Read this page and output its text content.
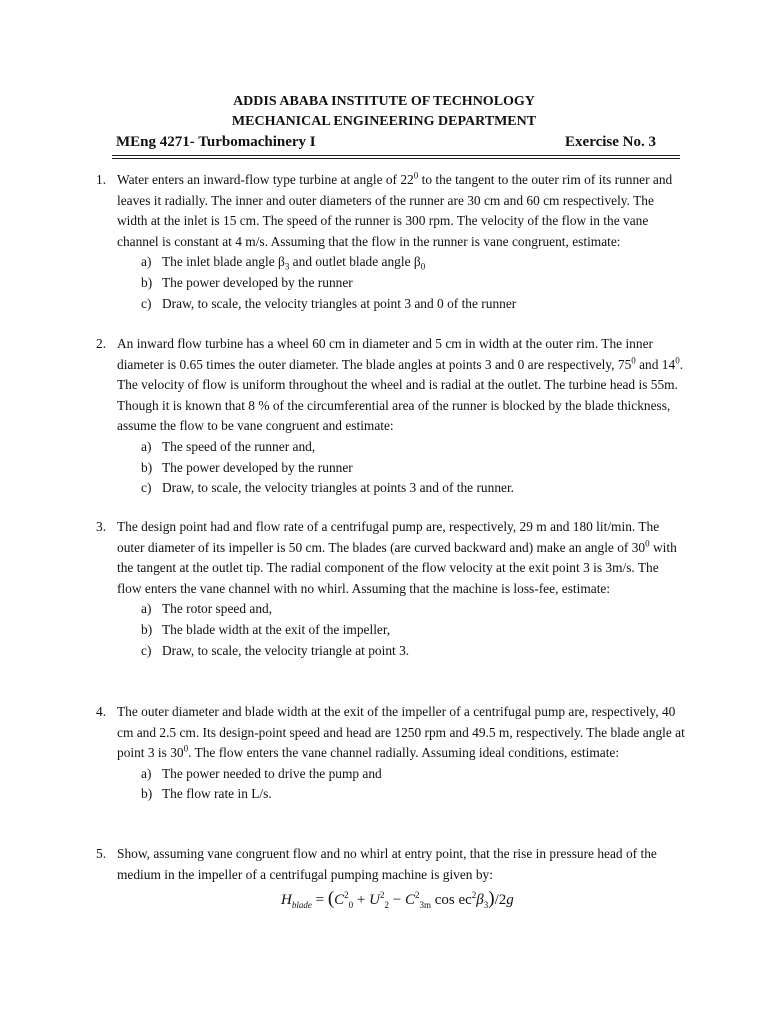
ADDIS ABABA INSTITUTE OF TECHNOLOGY
MECHANICAL ENGINEERING DEPARTMENT
MEng 4271- Turbomachinery I	Exercise No. 3
1. Water enters an inward-flow type turbine at angle of $22^0$ to the tangent to the outer rim of its runner and leaves it radially. The inner and outer diameters of the runner are 30 cm and 60 cm respectively. The width at the inlet is 15 cm. The speed of the runner is 300 rpm. The velocity of the flow in the vane channel is constant at 4 m/s. Assuming that the flow in the runner is vane congruent, estimate:
a) The inlet blade angle $\beta_3$ and outlet blade angle $\beta_0$
b) The power developed by the runner
c) Draw, to scale, the velocity triangles at point 3 and 0 of the runner
2. An inward flow turbine has a wheel 60 cm in diameter and 5 cm in width at the outer rim. The inner diameter is 0.65 times the outer diameter. The blade angles at points 3 and 0 are respectively, $75^0$ and $14^0$. The velocity of flow is uniform throughout the wheel and is radial at the outlet. The turbine head is 55m. Though it is known that 8 % of the circumferential area of the runner is blocked by the blade thickness, assume the flow to be vane congruent and estimate:
a) The speed of the runner and,
b) The power developed by the runner
c) Draw, to scale, the velocity triangles at points 3 and of the runner.
3. The design point had and flow rate of a centrifugal pump are, respectively, 29 m and 180 lit/min. The outer diameter of its impeller is 50 cm. The blades (are curved backward and) make an angle of $30^0$ with the tangent at the outlet tip. The radial component of the flow velocity at the exit point 3 is 3m/s. The flow enters the vane channel with no whirl. Assuming that the machine is loss-fee, estimate:
a) The rotor speed and,
b) The blade width at the exit of the impeller,
c) Draw, to scale, the velocity triangle at point 3.
4. The outer diameter and blade width at the exit of the impeller of a centrifugal pump are, respectively, 40 cm and 2.5 cm. Its design-point speed and head are 1250 rpm and 49.5 m, respectively. The blade angle at point 3 is $30^0$. The flow enters the vane channel radially. Assuming ideal conditions, estimate:
a) The power needed to drive the pump and
b) The flow rate in L/s.
5. Show, assuming vane congruent flow and no whirl at entry point, that the rise in pressure head of the medium in the impeller of a centrifugal pumping machine is given by:
$H_{blade} = (C^2_0 + U^2_2 - C^2_{3m}$ $\cos ec^2\beta_3)/2g$
